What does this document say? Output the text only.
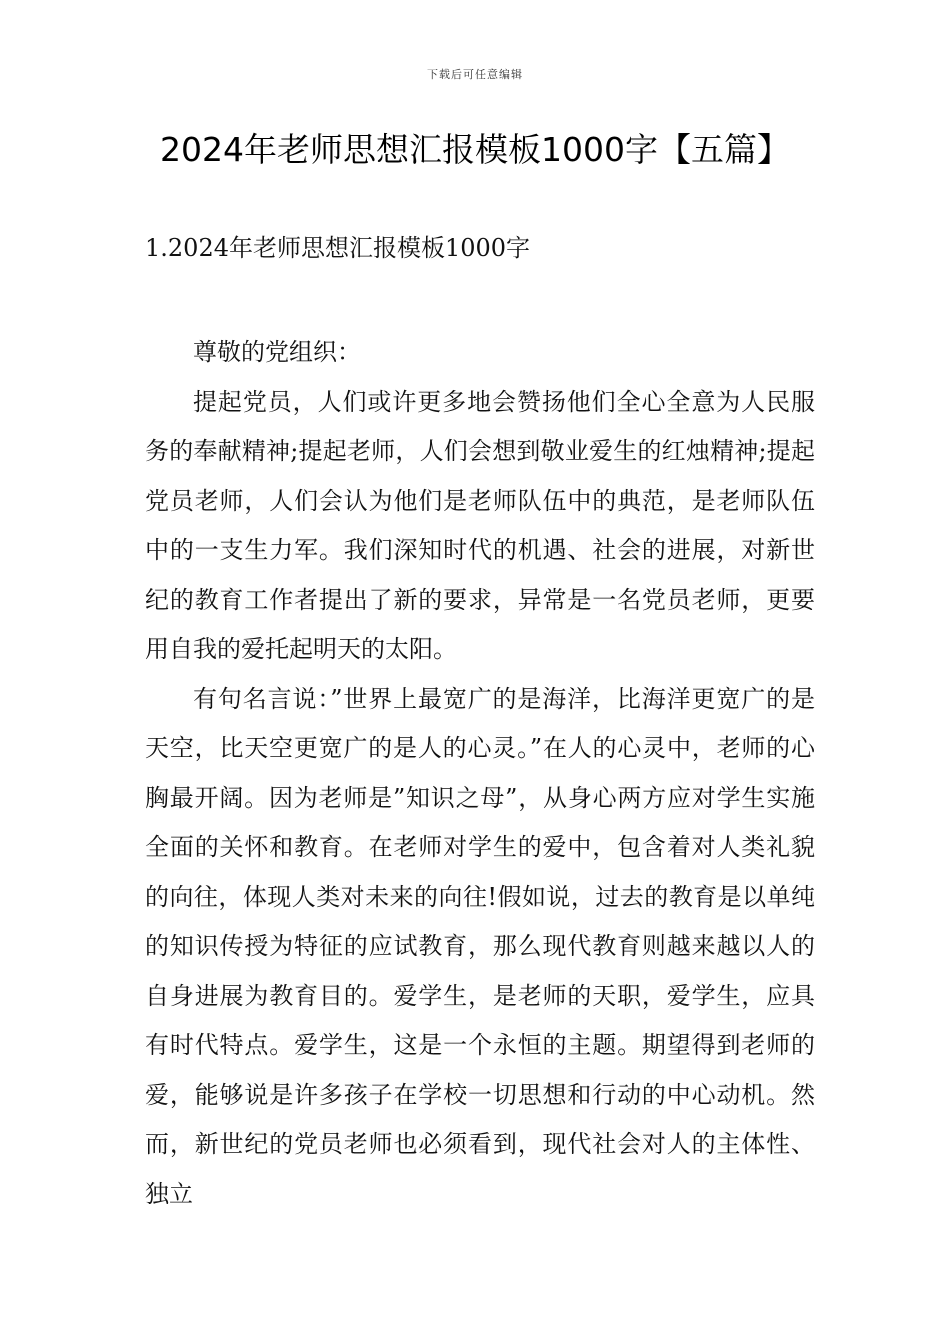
下载后可任意编辑
2024年老师思想汇报模板1000字【五篇】
1.2024年老师思想汇报模板1000字

尊敬的党组织：

提起党员，人们或许更多地会赞扬他们全心全意为人民服务的奉献精神;提起老师，人们会想到敬业爱生的红烛精神;提起党员老师，人们会认为他们是老师队伍中的典范，是老师队伍中的一支生力军。我们深知时代的机遇、社会的进展，对新世纪的教育工作者提出了新的要求，异常是一名党员老师，更要用自我的爱托起明天的太阳。

有句名言说：”世界上最宽广的是海洋，比海洋更宽广的是天空，比天空更宽广的是人的心灵。”在人的心灵中，老师的心胸最开阔。因为老师是”知识之母”，从身心两方应对学生实施全面的关怀和教育。在老师对学生的爱中，包含着对人类礼貌的向往，体现人类对未来的向往!假如说，过去的教育是以单纯的知识传授为特征的应试教育，那么现代教育则越来越以人的自身进展为教育目的。爱学生，是老师的天职，爱学生，应具有时代特点。爱学生，这是一个永恒的主题。期望得到老师的爱，能够说是许多孩子在学校一切思想和行动的中心动机。然而，新世纪的党员老师也必须看到，现代社会对人的主体性、独立
